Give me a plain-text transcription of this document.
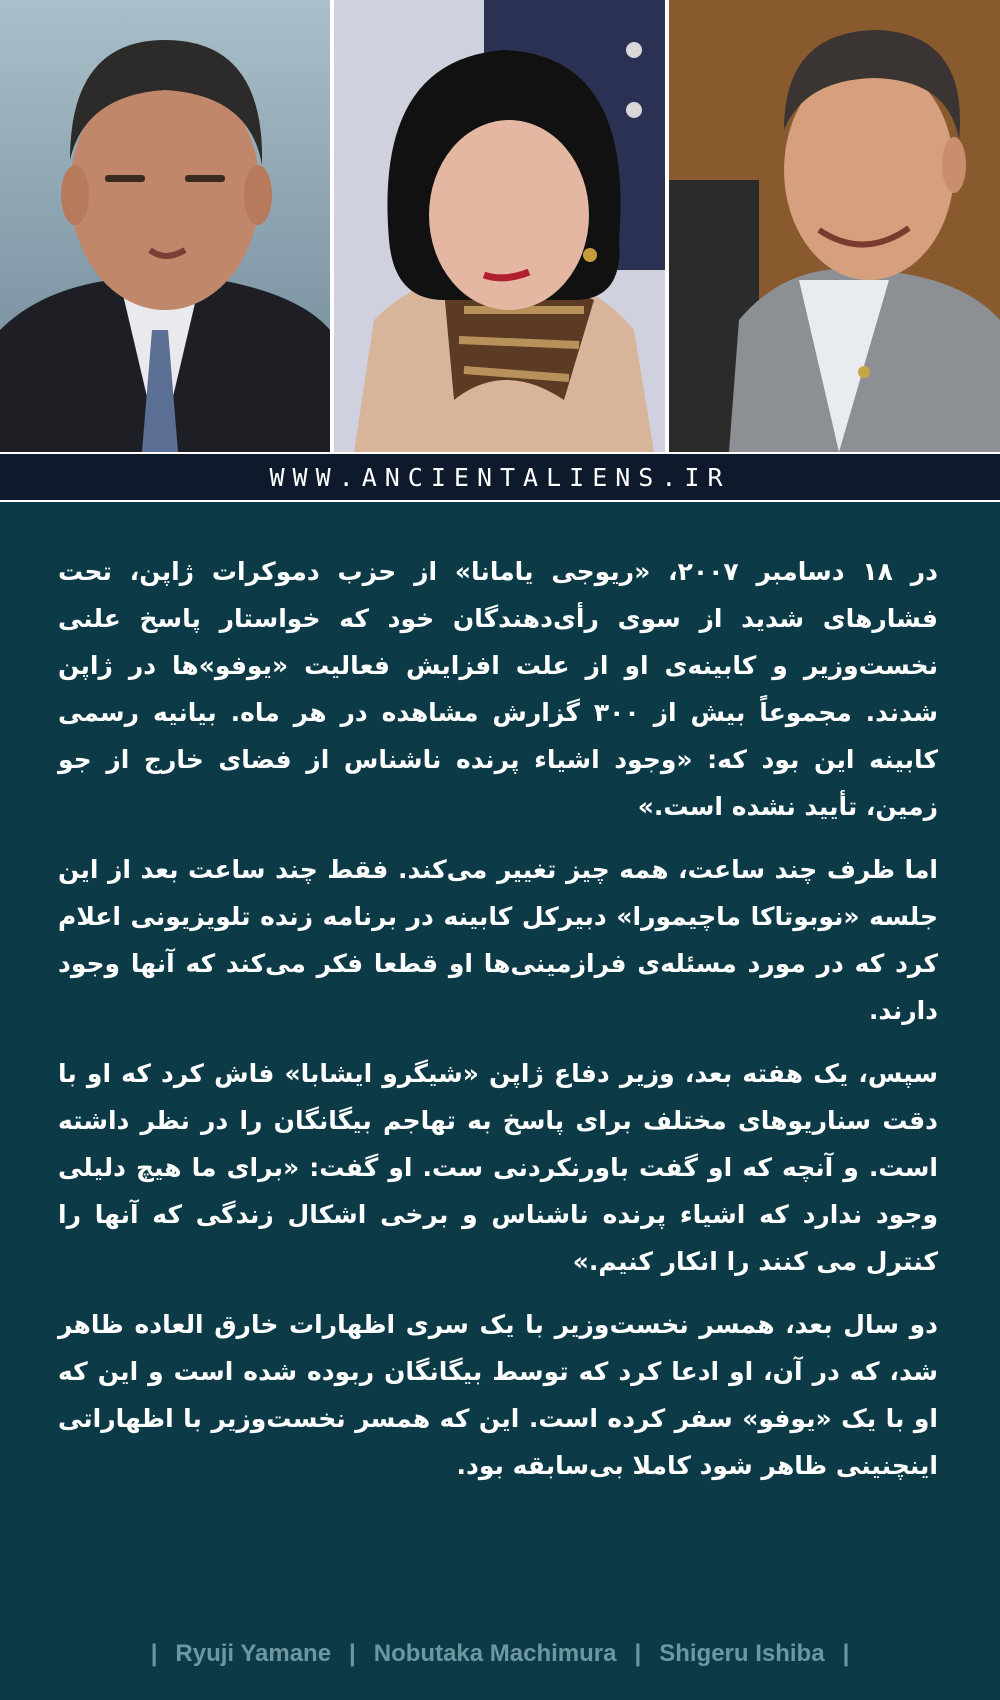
WWW.ANCIENTALIENS.IR

در ۱۸ دسامبر ۲۰۰۷، «ریوجی یامانا» از حزب دموکرات ژاپن، تحت فشارهای شدید از سوی رأی‌دهندگان خود که خواستار پاسخ علنی نخست‌وزیر و کابینه‌ی او از علت افزایش فعالیت «یوفو»ها در ژاپن شدند. مجموعاً بیش از ۳۰۰ گزارش مشاهده در هر ماه. بیانیه رسمی کابینه این بود که: «وجود اشیاء پرنده ناشناس از فضای خارج از جو زمین، تأیید نشده است.»

اما ظرف چند ساعت، همه چیز تغییر می‌کند. فقط چند ساعت بعد از این جلسه «نوبوتاکا ماچیمورا» دبیرکل کابینه در برنامه زنده تلویزیونی اعلام کرد که در مورد مسئله‌ی فرازمینی‌ها او قطعا فکر می‌کند که آنها وجود دارند.

سپس، یک هفته بعد، وزیر دفاع ژاپن «شیگرو ایشابا» فاش کرد که او با دقت سناریوهای مختلف برای پاسخ به تهاجم بیگانگان را در نظر داشته است. و آنچه که او گفت باورنکردنی ست. او گفت: «برای ما هیچ دلیلی وجود ندارد که اشیاء پرنده ناشناس و برخی اشکال زندگی که آنها را کنترل می کنند را انکار کنیم.»

دو سال بعد، همسر نخست‌وزیر با یک سری اظهارات خارق العاده ظاهر شد، که در آن، او ادعا کرد که توسط بیگانگان ربوده شده است و این که او با یک «یوفو» سفر کرده است. این که همسر نخست‌وزیر با اظهاراتی اینچنینی ظاهر شود کاملا بی‌سابقه بود.

| Ryuji Yamane | Nobutaka Machimura | Shigeru Ishiba |
